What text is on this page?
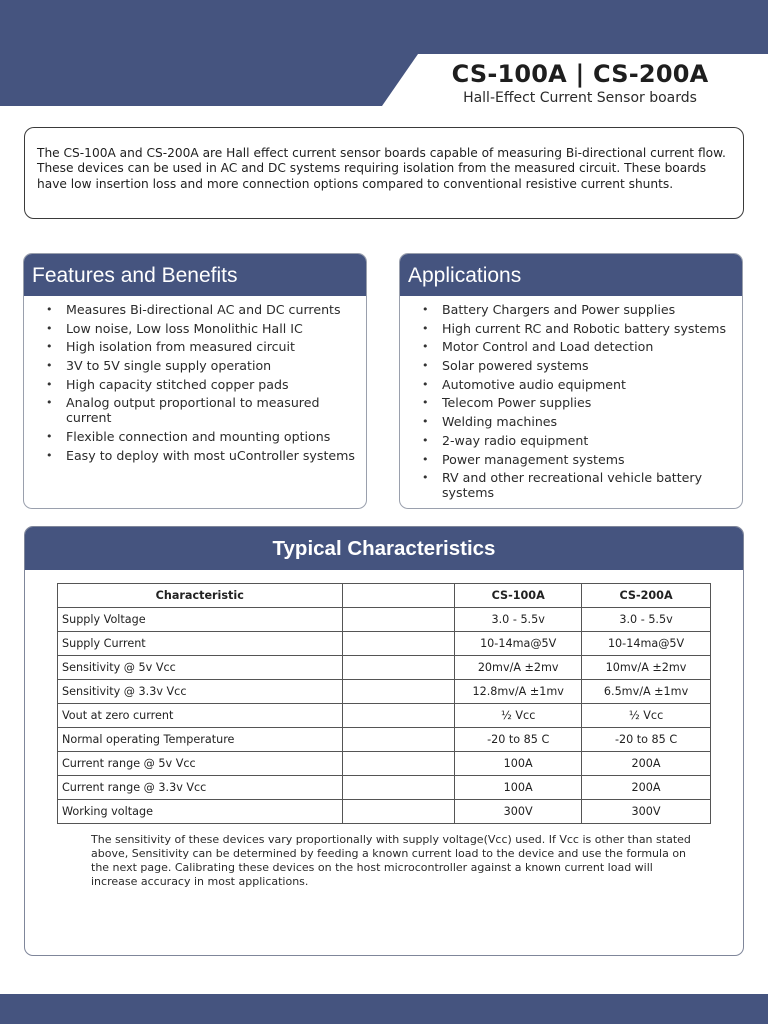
CS-100A | CS-200A
Hall-Effect Current Sensor boards

The CS-100A and CS-200A are Hall effect current sensor boards capable of measuring Bi-directional current flow. These devices can be used in AC and DC systems requiring isolation from the measured circuit. These boards have low insertion loss and more connection options compared to conventional resistive current shunts.

Features and Benefits
• Measures Bi-directional AC and DC currents
• Low noise, Low loss Monolithic Hall IC
• High isolation from measured circuit
• 3V to 5V single supply operation
• High capacity stitched copper pads
• Analog output proportional to measured current
• Flexible connection and mounting options
• Easy to deploy with most uController systems
Applications
• Battery Chargers and Power supplies
• High current RC and Robotic battery systems
• Motor Control and Load detection
• Solar powered systems
• Automotive audio equipment
• Telecom Power supplies
• Welding machines
• 2-way radio equipment
• Power management systems
• RV and other recreational vehicle battery systems
Typical Characteristics
Characteristic		CS-100A	CS-200A
Supply Voltage		3.0 - 5.5v	3.0 - 5.5v
Supply Current		10-14ma@5V	10-14ma@5V
Sensitivity @ 5v Vcc		20mv/A ±2mv	10mv/A ±2mv
Sensitivity @ 3.3v Vcc		12.8mv/A ±1mv	6.5mv/A ±1mv
Vout at zero current		½ Vcc	½ Vcc
Normal operating Temperature		-20 to 85 C	-20 to 85 C
Current range @ 5v Vcc		100A	200A
Current range @ 3.3v Vcc		100A	200A
Working voltage		300V	300V

The sensitivity of these devices vary proportionally with supply voltage(Vcc) used. If Vcc is other than stated above, Sensitivity can be determined by feeding a known current load to the device and use the formula on the next page. Calibrating these devices on the host microcontroller against a known current load will increase accuracy in most applications.
